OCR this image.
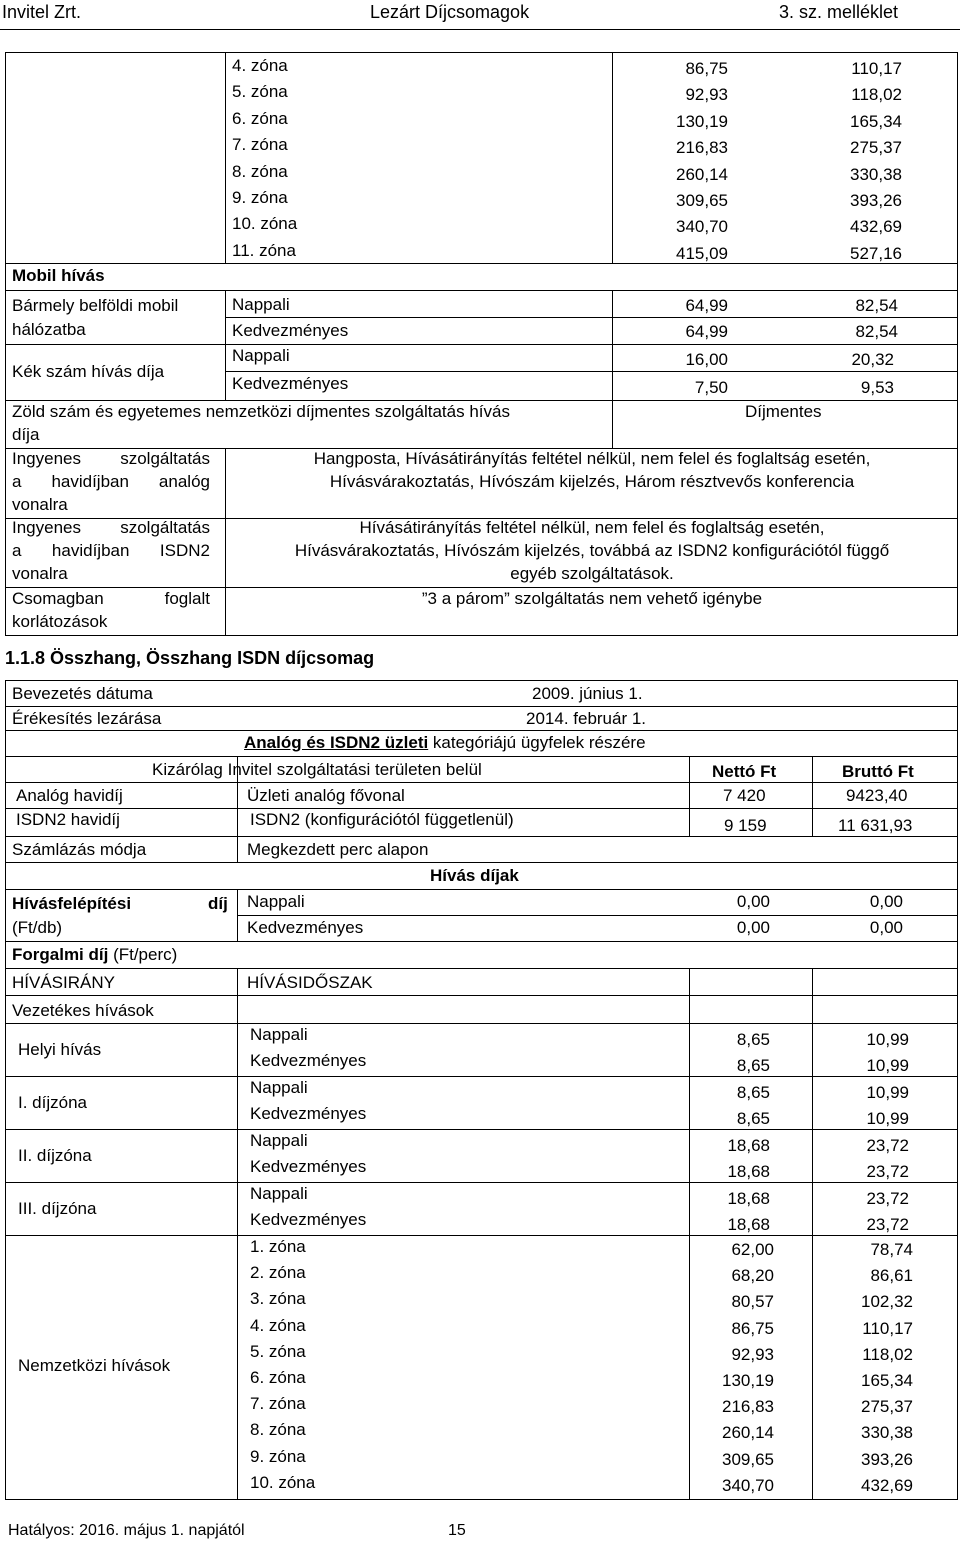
Invitel Zrt.	Lezárt Díjcsomagok	3. sz. melléklet
4. zóna	86,75	110,17
5. zóna	92,93	118,02
6. zóna	130,19	165,34
7. zóna	216,83	275,37
8. zóna	260,14	330,38
9. zóna	309,65	393,26
10. zóna	340,70	432,69
11. zóna	415,09	527,16
Mobil hívás
Bármely belföldi mobil
hálózatba
Nappali	64,99	82,54
Kedvezményes	64,99	82,54
Kék szám hívás díja
Nappali	16,00	20,32
Kedvezményes	7,50	9,53
Zöld szám és egyetemes nemzetközi díjmentes szolgáltatás hívás
díja
Díjmentes
Ingyenes szolgáltatás
a havidíjban analóg
vonalra
Hangposta, Hívásátirányítás feltétel nélkül, nem felel és foglaltság esetén,
Hívásvárakoztatás, Hívószám kijelzés, Három résztvevős konferencia
Ingyenes szolgáltatás
a havidíjban ISDN2
vonalra
Hívásátirányítás feltétel nélkül, nem felel és foglaltság esetén,
Hívásvárakoztatás, Hívószám kijelzés, továbbá az ISDN2 konfigurációtól függő
egyéb szolgáltatások.
Csomagban foglalt
korlátozások
”3 a párom” szolgáltatás nem vehető igénybe
1.1.8 Összhang, Összhang ISDN díjcsomag
Bevezetés dátuma	2009. június 1.
Érékesítés lezárása	2014. február 1.
Analóg és ISDN2 üzleti kategóriájú ügyfelek részére
Kizárólag Invitel szolgáltatási területen belül	Nettó Ft	Bruttó Ft
Analóg havidíj	Üzleti analóg fővonal	7 420	9423,40
ISDN2 havidíj	ISDN2 (konfigurációtól függetlenül)	9 159	11 631,93
Számlázás módja	Megkezdett perc alapon
Hívás díjak
Hívásfelépítési	díj
(Ft/db)
Nappali	0,00	0,00
Kedvezményes	0,00	0,00
Forgalmi díj (Ft/perc)
HÍVÁSIRÁNY	HÍVÁSIDŐSZAK
Vezetékes hívások
Helyi hívás
Nappali	8,65	10,99
Kedvezményes	8,65	10,99
I. díjzóna
Nappali	8,65	10,99
Kedvezményes	8,65	10,99
II. díjzóna
Nappali	18,68	23,72
Kedvezményes	18,68	23,72
III. díjzóna
Nappali	18,68	23,72
Kedvezményes	18,68	23,72
1. zóna	62,00	78,74
2. zóna	68,20	86,61
3. zóna	80,57	102,32
4. zóna	86,75	110,17
5. zóna	92,93	118,02
6. zóna	130,19	165,34
7. zóna	216,83	275,37
8. zóna	260,14	330,38
9. zóna	309,65	393,26
10. zóna	340,70	432,69
Nemzetközi hívások
Hatályos: 2016. május 1. napjától	15
